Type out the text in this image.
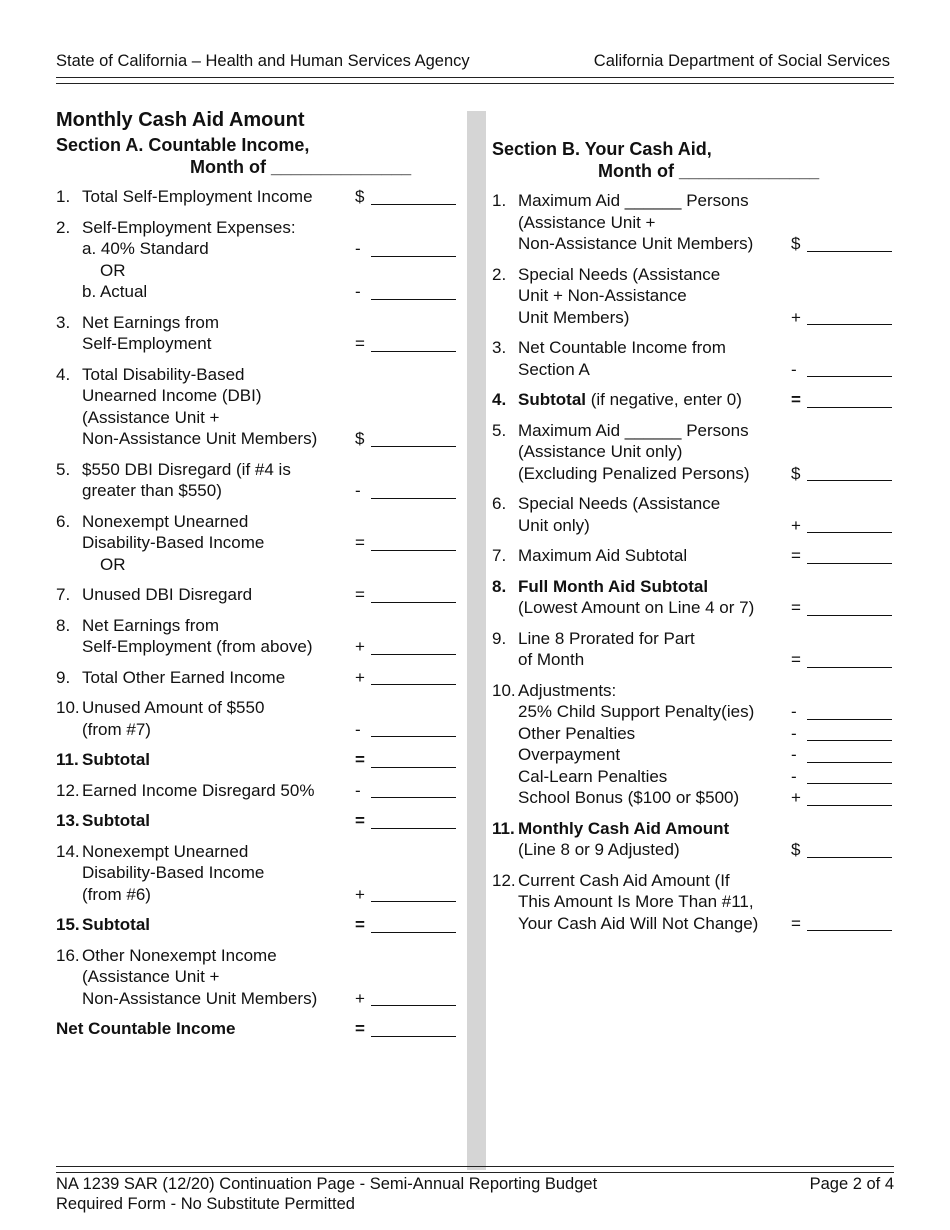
State of California – Health and Human Services Agency	California Department of Social Services
Monthly Cash Aid Amount
Section A. Countable Income,
Month of ______________
1. Total Self-Employment Income	$
2. Self-Employment Expenses:
a. 40% Standard	-
OR
b. Actual	-
3. Net Earnings from
Self-Employment	=
4. Total Disability-Based
Unearned Income (DBI)
(Assistance Unit +
Non-Assistance Unit Members)	$
5. $550 DBI Disregard (if #4 is
greater than $550)	-
6. Nonexempt Unearned
Disability-Based Income	=
OR
7. Unused DBI Disregard	=
8. Net Earnings from
Self-Employment (from above)	+
9. Total Other Earned Income	+
10. Unused Amount of $550
(from #7)	-
11. Subtotal	=
12. Earned Income Disregard 50%	-
13. Subtotal	=
14. Nonexempt Unearned
Disability-Based Income
(from #6)	+
15. Subtotal	=
16. Other Nonexempt Income
(Assistance Unit +
Non-Assistance Unit Members)	+
Net Countable Income	=
Section B. Your Cash Aid,
Month of ______________
1. Maximum Aid ______ Persons
(Assistance Unit +
Non-Assistance Unit Members)	$
2. Special Needs (Assistance
Unit + Non-Assistance
Unit Members)	+
3. Net Countable Income from
Section A	-
4. Subtotal (if negative, enter 0)	=
5. Maximum Aid ______ Persons
(Assistance Unit only)
(Excluding Penalized Persons)	$
6. Special Needs (Assistance
Unit only)	+
7. Maximum Aid Subtotal	=
8. Full Month Aid Subtotal
(Lowest Amount on Line 4 or 7)	=
9. Line 8 Prorated for Part
of Month	=
10. Adjustments:
25% Child Support Penalty(ies)	-
Other Penalties	-
Overpayment	-
Cal-Learn Penalties	-
School Bonus ($100 or $500)	+
11. Monthly Cash Aid Amount
(Line 8 or 9 Adjusted)	$
12. Current Cash Aid Amount (If
This Amount Is More Than #11,
Your Cash Aid Will Not Change)	=
NA 1239 SAR (12/20) Continuation Page - Semi-Annual Reporting Budget
Required Form - No Substitute Permitted
Page 2 of 4
